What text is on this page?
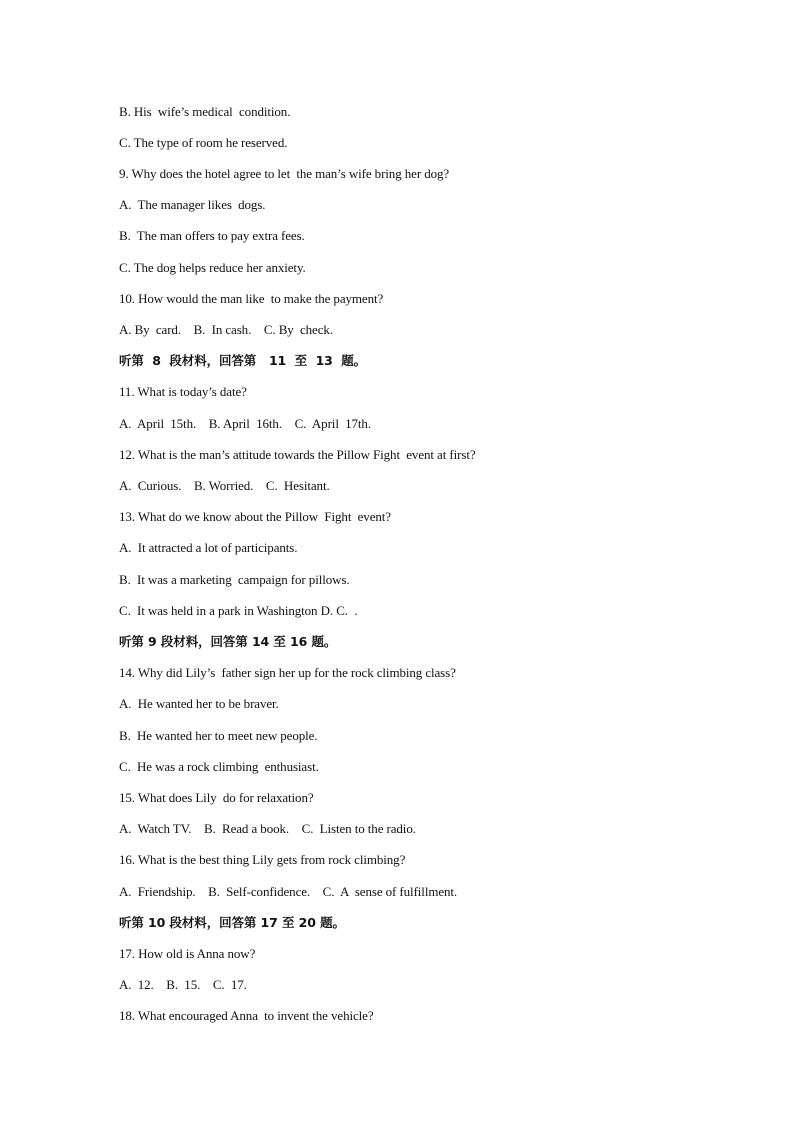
B. His  wife’s medical  condition.
C. The type of room he reserved.
9. Why does the hotel agree to let  the man’s wife bring her dog?
A.  The manager likes  dogs.
B.  The man offers to pay extra fees.
C. The dog helps reduce her anxiety.
10. How would the man like  to make the payment?
A. By  card.    B.  In cash.    C. By  check.
听第  8  段材料，回答第   11  至  13  题。
11. What is today’s date?
A.  April  15th.    B. April  16th.    C.  April  17th.
12. What is the man’s attitude towards the Pillow Fight  event at first?
A.  Curious.    B. Worried.    C.  Hesitant.
13. What do we know about the Pillow  Fight  event?
A.  It attracted a lot of participants.
B.  It was a marketing  campaign for pillows.
C.  It was held in a park in Washington D. C.  .
听第 9 段材料，回答第 14 至 16 题。
14. Why did Lily’s  father sign her up for the rock climbing class?
A.  He wanted her to be braver.
B.  He wanted her to meet new people.
C.  He was a rock climbing  enthusiast.
15. What does Lily  do for relaxation?
A.  Watch TV.    B.  Read a book.    C.  Listen to the radio.
16. What is the best thing Lily gets from rock climbing?
A.  Friendship.    B.  Self-confidence.    C.  A  sense of fulfillment.
听第 10 段材料，回答第 17 至 20 题。
17. How old is Anna now?
A.  12.    B.  15.    C.  17.
18. What encouraged Anna  to invent the vehicle?
